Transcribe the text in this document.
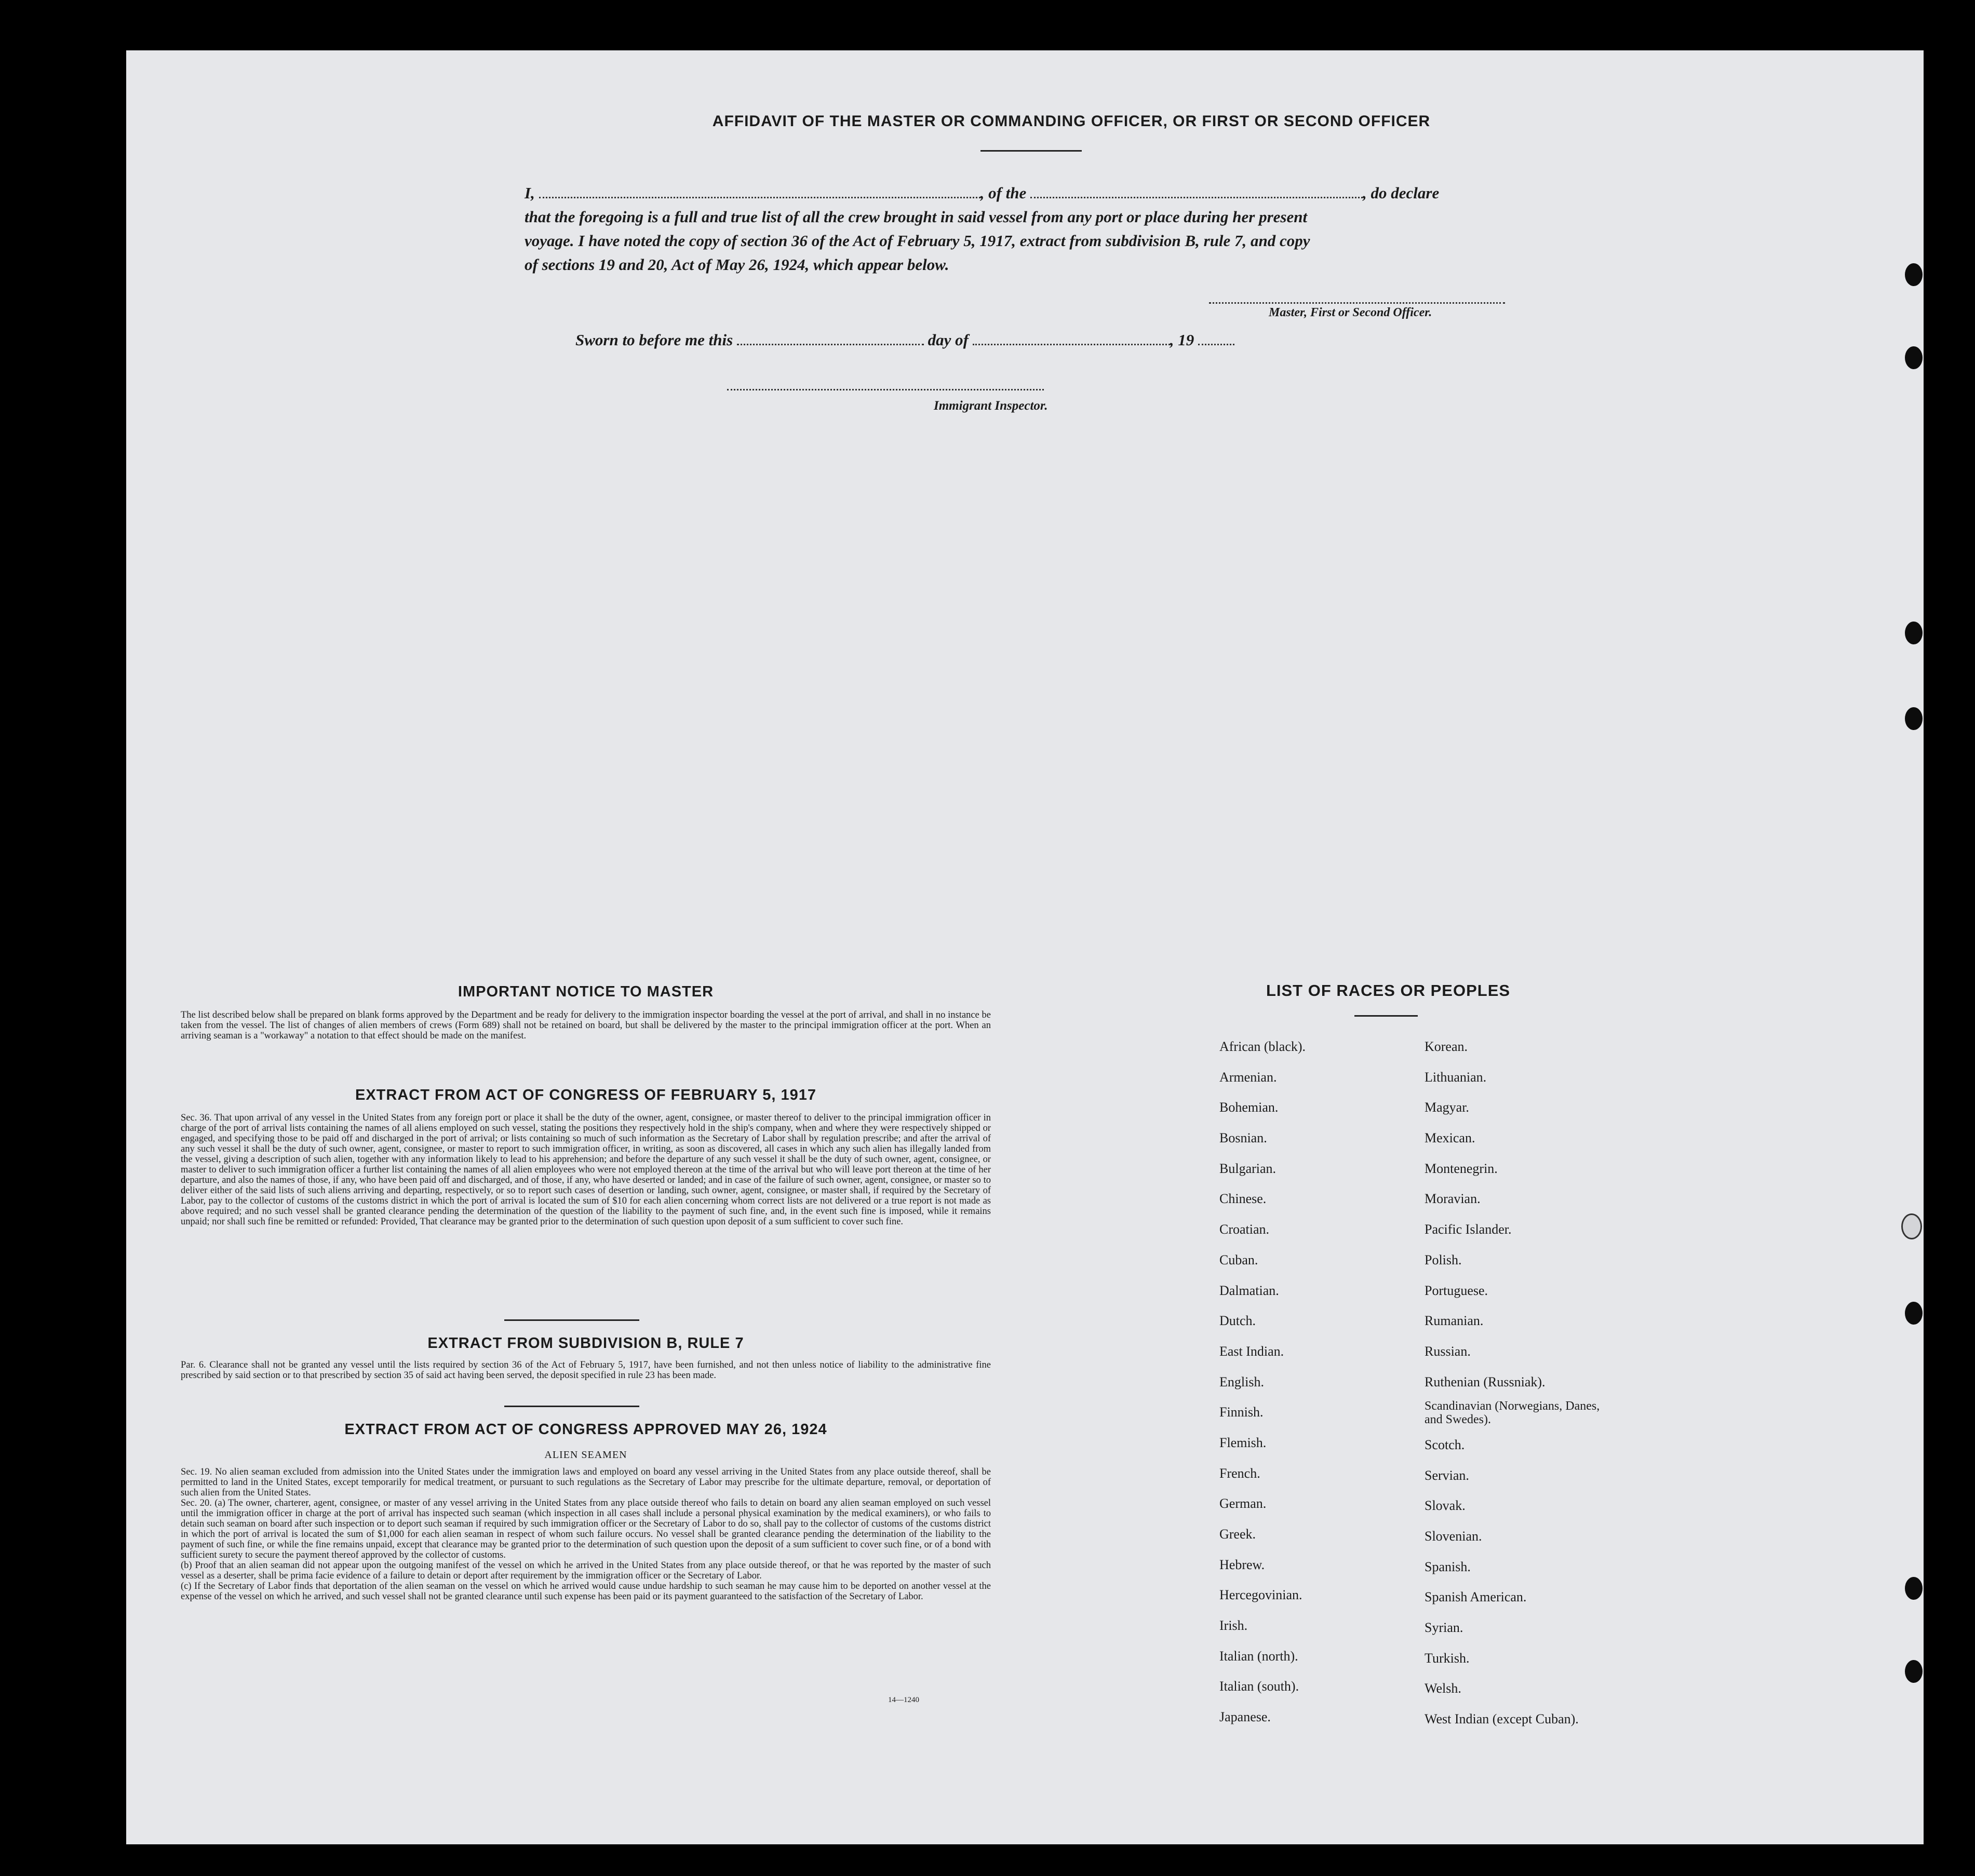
AFFIDAVIT OF THE MASTER OR COMMANDING OFFICER, OR FIRST OR SECOND OFFICER
I,	, of the	, do declare
that the foregoing is a full and true list of all the crew brought in said vessel from any port or place during her present
voyage. I have noted the copy of section 36 of the Act of February 5, 1917, extract from subdivision B, rule 7, and copy
of sections 19 and 20, Act of May 26, 1924, which appear below.
Master, First or Second Officer.
Sworn to before me this	day of	, 19
Immigrant Inspector.
IMPORTANT NOTICE TO MASTER
The list described below shall be prepared on blank forms approved by the Department and be ready for delivery to the immigration inspector boarding the vessel at the port of arrival, and shall in no instance be taken from the vessel. The list of changes of alien members of crews (Form 689) shall not be retained on board, but shall be delivered by the master to the principal immigration officer at the port. When an arriving seaman is a "workaway" a notation to that effect should be made on the manifest.
EXTRACT FROM ACT OF CONGRESS OF FEBRUARY 5, 1917
Sec. 36. That upon arrival of any vessel in the United States from any foreign port or place it shall be the duty of the owner, agent, consignee, or master thereof to deliver to the principal immigration officer in charge of the port of arrival lists containing the names of all aliens employed on such vessel, stating the positions they respectively hold in the ship's company, when and where they were respectively shipped or engaged, and specifying those to be paid off and discharged in the port of arrival; or lists containing so much of such information as the Secretary of Labor shall by regulation prescribe; and after the arrival of any such vessel it shall be the duty of such owner, agent, consignee, or master to report to such immigration officer, in writing, as soon as discovered, all cases in which any such alien has illegally landed from the vessel, giving a description of such alien, together with any information likely to lead to his apprehension; and before the departure of any such vessel it shall be the duty of such owner, agent, consignee, or master to deliver to such immigration officer a further list containing the names of all alien employees who were not employed thereon at the time of the arrival but who will leave port thereon at the time of her departure, and also the names of those, if any, who have been paid off and discharged, and of those, if any, who have deserted or landed; and in case of the failure of such owner, agent, consignee, or master so to deliver either of the said lists of such aliens arriving and departing, respectively, or so to report such cases of desertion or landing, such owner, agent, consignee, or master shall, if required by the Secretary of Labor, pay to the collector of customs of the customs district in which the port of arrival is located the sum of $10 for each alien concerning whom correct lists are not delivered or a true report is not made as above required; and no such vessel shall be granted clearance pending the determination of the question of the liability to the payment of such fine, and, in the event such fine is imposed, while it remains unpaid; nor shall such fine be remitted or refunded: Provided, That clearance may be granted prior to the determination of such question upon deposit of a sum sufficient to cover such fine.
EXTRACT FROM SUBDIVISION B, RULE 7
Par. 6. Clearance shall not be granted any vessel until the lists required by section 36 of the Act of February 5, 1917, have been furnished, and not then unless notice of liability to the administrative fine prescribed by said section or to that prescribed by section 35 of said act having been served, the deposit specified in rule 23 has been made.
EXTRACT FROM ACT OF CONGRESS APPROVED MAY 26, 1924
ALIEN SEAMEN
Sec. 19. No alien seaman excluded from admission into the United States under the immigration laws and employed on board any vessel arriving in the United States from any place outside thereof, shall be permitted to land in the United States, except temporarily for medical treatment, or pursuant to such regulations as the Secretary of Labor may prescribe for the ultimate departure, removal, or deportation of such alien from the United States.
Sec. 20. (a) The owner, charterer, agent, consignee, or master of any vessel arriving in the United States from any place outside thereof who fails to detain on board any alien seaman employed on such vessel until the immigration officer in charge at the port of arrival has inspected such seaman (which inspection in all cases shall include a personal physical examination by the medical examiners), or who fails to detain such seaman on board after such inspection or to deport such seaman if required by such immigration officer or the Secretary of Labor to do so, shall pay to the collector of customs of the customs district in which the port of arrival is located the sum of $1,000 for each alien seaman in respect of whom such failure occurs. No vessel shall be granted clearance pending the determination of the liability to the payment of such fine, or while the fine remains unpaid, except that clearance may be granted prior to the determination of such question upon the deposit of a sum sufficient to cover such fine, or of a bond with sufficient surety to secure the payment thereof approved by the collector of customs.
(b) Proof that an alien seaman did not appear upon the outgoing manifest of the vessel on which he arrived in the United States from any place outside thereof, or that he was reported by the master of such vessel as a deserter, shall be prima facie evidence of a failure to detain or deport after requirement by the immigration officer or the Secretary of Labor.
(c) If the Secretary of Labor finds that deportation of the alien seaman on the vessel on which he arrived would cause undue hardship to such seaman he may cause him to be deported on another vessel at the expense of the vessel on which he arrived, and such vessel shall not be granted clearance until such expense has been paid or its payment guaranteed to the satisfaction of the Secretary of Labor.
14—1240
LIST OF RACES OR PEOPLES
African (black).
Armenian.
Bohemian.
Bosnian.
Bulgarian.
Chinese.
Croatian.
Cuban.
Dalmatian.
Dutch.
East Indian.
English.
Finnish.
Flemish.
French.
German.
Greek.
Hebrew.
Hercegovinian.
Irish.
Italian (north).
Italian (south).
Japanese.
Korean.
Lithuanian.
Magyar.
Mexican.
Montenegrin.
Moravian.
Pacific Islander.
Polish.
Portuguese.
Rumanian.
Russian.
Ruthenian (Russniak).
Scandinavian (Norwegians, Danes, and Swedes).
Scotch.
Servian.
Slovak.
Slovenian.
Spanish.
Spanish American.
Syrian.
Turkish.
Welsh.
West Indian (except Cuban).
